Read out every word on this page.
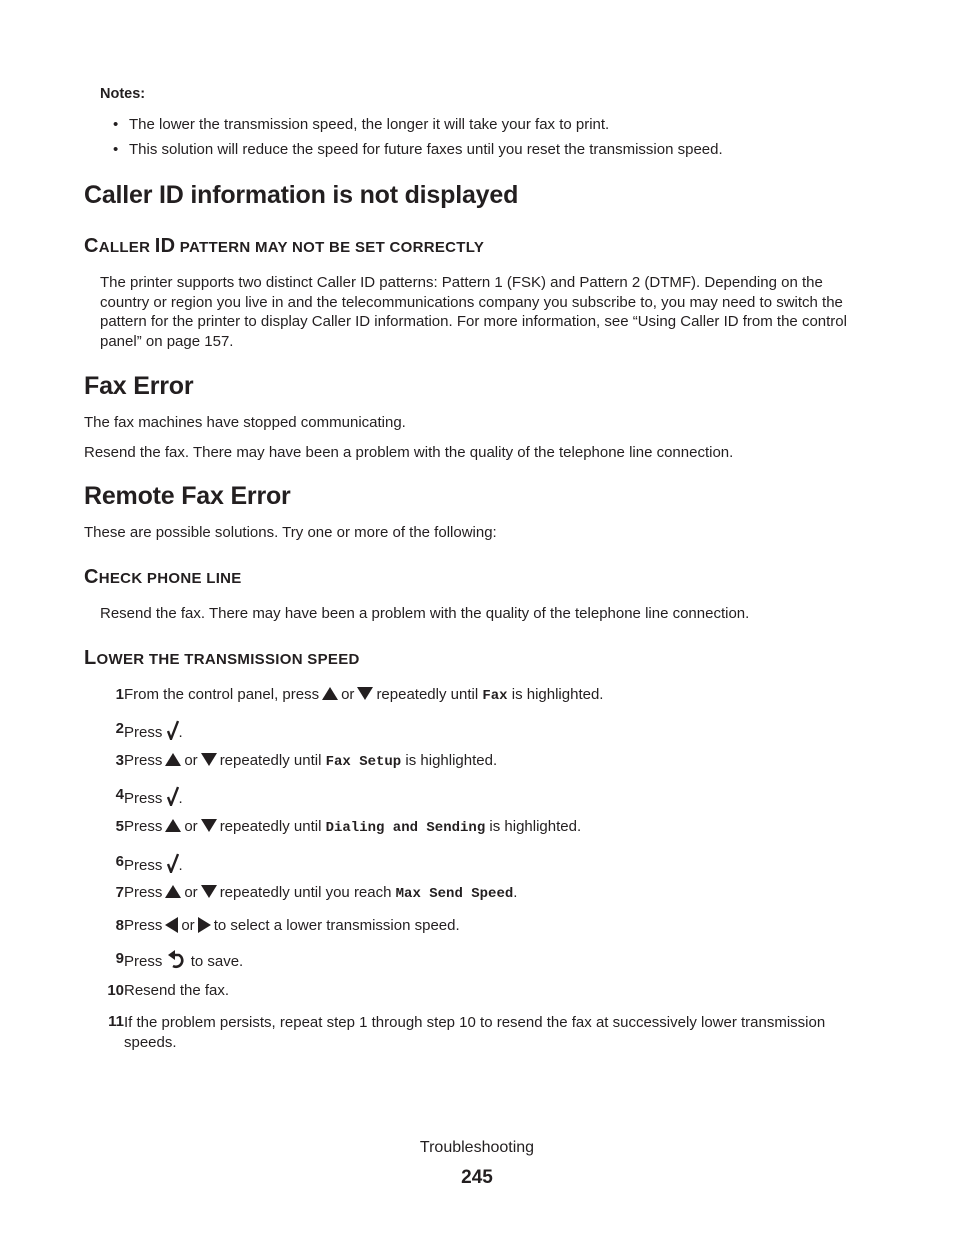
Notes:
• The lower the transmission speed, the longer it will take your fax to print.
• This solution will reduce the speed for future faxes until you reset the transmission speed.
Caller ID information is not displayed
CALLER ID PATTERN MAY NOT BE SET CORRECTLY
The printer supports two distinct Caller ID patterns: Pattern 1 (FSK) and Pattern 2 (DTMF). Depending on the country or region you live in and the telecommunications company you subscribe to, you may need to switch the pattern for the printer to display Caller ID information. For more information, see “Using Caller ID from the control panel” on page 157.
Fax Error
The fax machines have stopped communicating.
Resend the fax. There may have been a problem with the quality of the telephone line connection.
Remote Fax Error
These are possible solutions. Try one or more of the following:
CHECK PHONE LINE
Resend the fax. There may have been a problem with the quality of the telephone line connection.
LOWER THE TRANSMISSION SPEED
1 From the control panel, press or repeatedly until Fax is highlighted.
2 Press .
3 Press or repeatedly until Fax Setup is highlighted.
4 Press .
5 Press or repeatedly until Dialing and Sending is highlighted.
6 Press .
7 Press or repeatedly until you reach Max Send Speed.
8 Press or to select a lower transmission speed.
9 Press to save.
10 Resend the fax.
11 If the problem persists, repeat step 1 through step 10 to resend the fax at successively lower transmission speeds.
Troubleshooting
245
